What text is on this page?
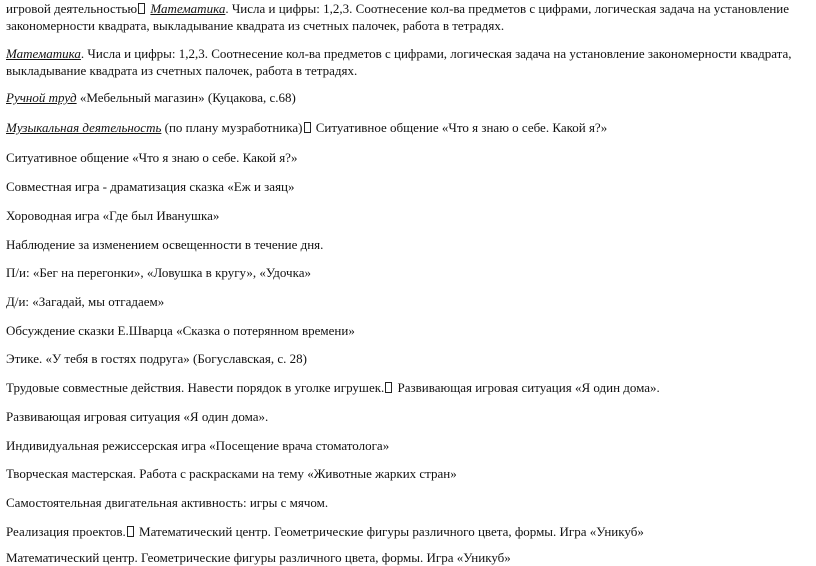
игровой деятельностью Математика. Числа и цифры: 1,2,3. Соотнесение кол-ва предметов с цифрами, логическая задача на установление закономерности квадрата, выкладывание квадрата из счетных палочек, работа в тетрадях.

Математика. Числа и цифры: 1,2,3. Соотнесение кол-ва предметов с цифрами, логическая задача на установление закономерности квадрата, выкладывание квадрата из счетных палочек, работа в тетрадях.

Ручной труд «Мебельный магазин» (Куцакова, с.68)

Музыкальная деятельность (по плану музработника) Ситуативное общение «Что я знаю о себе. Какой я?»

Ситуативное общение «Что я знаю о себе. Какой я?»

Совместная игра - драматизация сказка «Еж и заяц»

Хороводная игра «Где был Иванушка»

Наблюдение за изменением освещенности в течение дня.

П/и: «Бег на перегонки», «Ловушка в кругу», «Удочка»

Д/и: «Загадай, мы отгадаем»

Обсуждение сказки Е.Шварца «Сказка о потерянном времени»

Этике. «У тебя в гостях подруга» (Богуславская, с. 28)

Трудовые совместные действия. Навести порядок в уголке игрушек. Развивающая игровая ситуация «Я один дома».

Развивающая игровая ситуация «Я один дома».

Индивидуальная режиссерская игра «Посещение врача стоматолога»

Творческая мастерская. Работа с раскрасками на тему «Животные жарких стран»

Самостоятельная двигательная активность: игры с мячом.

Реализация проектов. Математический центр. Геометрические фигуры различного цвета, формы. Игра «Уникуб»

Математический центр. Геометрические фигуры различного цвета, формы. Игра «Уникуб»
